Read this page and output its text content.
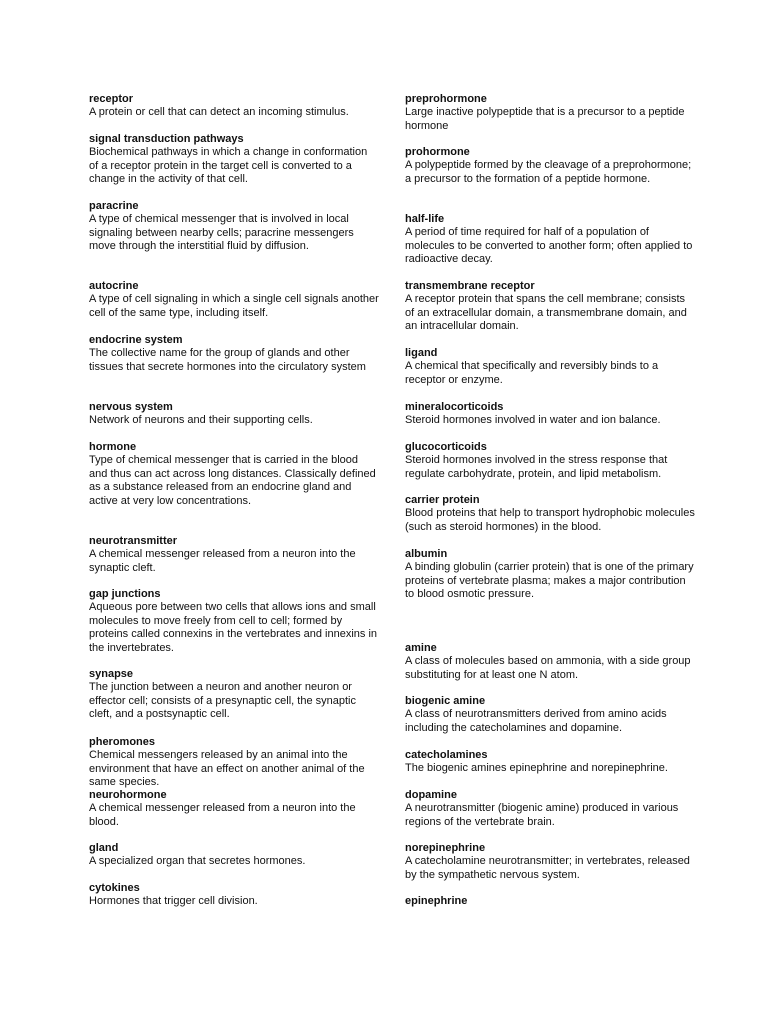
receptor
A protein or cell that can detect an incoming stimulus.
signal transduction pathways
Biochemical pathways in which a change in conformation of a receptor protein in the target cell is converted to a change in the activity of that cell.
paracrine
A type of chemical messenger that is involved in local signaling between nearby cells; paracrine messengers move through the interstitial fluid by diffusion.
autocrine
A type of cell signaling in which a single cell signals another cell of the same type, including itself.
endocrine system
The collective name for the group of glands and other tissues that secrete hormones into the circulatory system
nervous system
Network of neurons and their supporting cells.
hormone
Type of chemical messenger that is carried in the blood and thus can act across long distances. Classically defined as a substance released from an endocrine gland and active at very low concentrations.
neurotransmitter
A chemical messenger released from a neuron into the synaptic cleft.
gap junctions
Aqueous pore between two cells that allows ions and small molecules to move freely from cell to cell; formed by proteins called connexins in the vertebrates and innexins in the invertebrates.
synapse
The junction between a neuron and another neuron or effector cell; consists of a presynaptic cell, the synaptic cleft, and a postsynaptic cell.
pheromones
Chemical messengers released by an animal into the environment that have an effect on another animal of the same species.
neurohormone
A chemical messenger released from a neuron into the blood.
gland
A specialized organ that secretes hormones.
cytokines
Hormones that trigger cell division.
preprohormone
Large inactive polypeptide that is a precursor to a peptide hormone
prohormone
A polypeptide formed by the cleavage of a preprohormone; a precursor to the formation of a peptide hormone.
half-life
A period of time required for half of a population of molecules to be converted to another form; often applied to radioactive decay.
transmembrane receptor
A receptor protein that spans the cell membrane; consists of an extracellular domain, a transmembrane domain, and an intracellular domain.
ligand
A chemical that specifically and reversibly binds to a receptor or enzyme.
mineralocorticoids
Steroid hormones involved in water and ion balance.
glucocorticoids
Steroid hormones involved in the stress response that regulate carbohydrate, protein, and lipid metabolism.
carrier protein
Blood proteins that help to transport hydrophobic molecules (such as steroid hormones) in the blood.
albumin
A binding globulin (carrier protein) that is one of the primary proteins of vertebrate plasma; makes a major contribution to blood osmotic pressure.
amine
A class of molecules based on ammonia, with a side group substituting for at least one N atom.
biogenic amine
A class of neurotransmitters derived from amino acids including the catecholamines and dopamine.
catecholamines
The biogenic amines epinephrine and norepinephrine.
dopamine
A neurotransmitter (biogenic amine) produced in various regions of the vertebrate brain.
norepinephrine
A catecholamine neurotransmitter; in vertebrates, released by the sympathetic nervous system.
epinephrine
